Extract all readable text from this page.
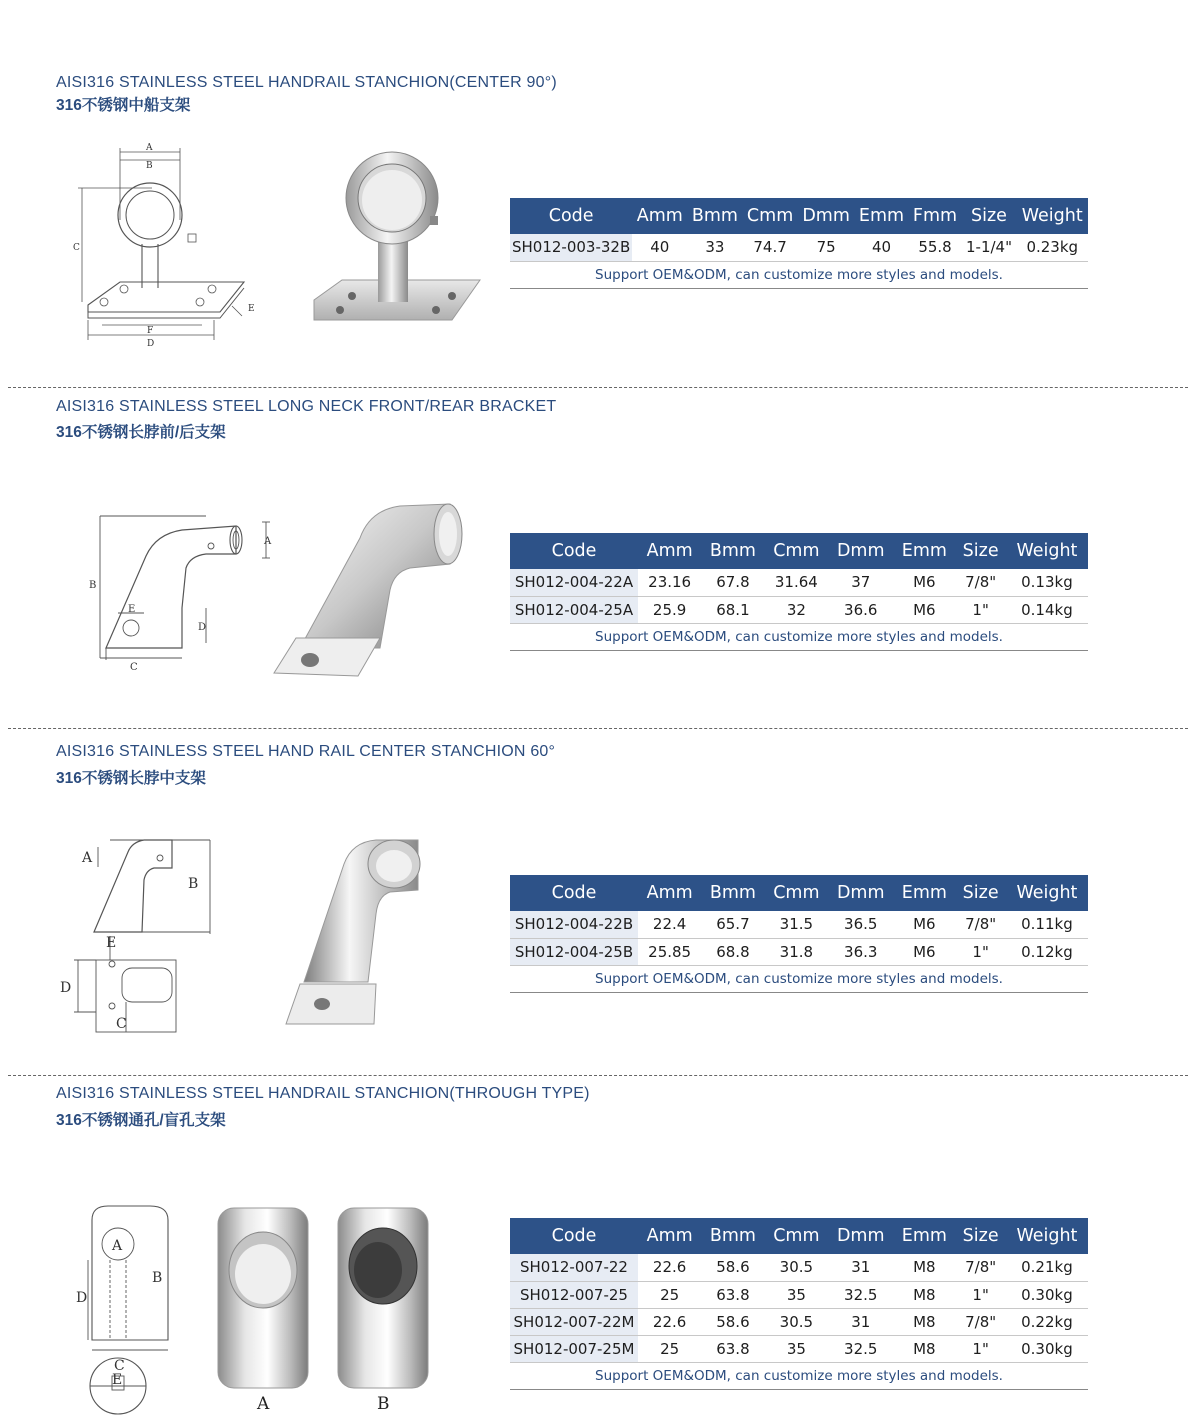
AISI316 STAINLESS STEEL HANDRAIL STANCHION(CENTER 90°)
316不锈钢中船支架
A
B
C
F
D
E
Code	Amm	Bmm	Cmm	Dmm	Emm	Fmm	Size	Weight
SH012-003-32B	40	33	74.7	75	40	55.8	1-1/4"	0.23kg
Support OEM&ODM, can customize more styles and models.								
AISI316 STAINLESS STEEL LONG NECK FRONT/REAR BRACKET
316不锈钢长脖前/后支架
B
A
E
D
C
Code	Amm	Bmm	Cmm	Dmm	Emm	Size	Weight
SH012-004-22A	23.16	67.8	31.64	37	M6	7/8"	0.13kg
SH012-004-25A	25.9	68.1	32	36.6	M6	1"	0.14kg
Support OEM&ODM, can customize more styles and models.							
AISI316 STAINLESS STEEL HAND RAIL CENTER STANCHION 60°
316不锈钢长脖中支架
A
B
E
D
C
Code	Amm	Bmm	Cmm	Dmm	Emm	Size	Weight
SH012-004-22B	22.4	65.7	31.5	36.5	M6	7/8"	0.11kg
SH012-004-25B	25.85	68.8	31.8	36.3	M6	1"	0.12kg
Support OEM&ODM, can customize more styles and models.							
AISI316 STAINLESS STEEL HANDRAIL STANCHION(THROUGH TYPE)
316不锈钢通孔/盲孔支架
A
B
D
C
E
A	B
Code	Amm	Bmm	Cmm	Dmm	Emm	Size	Weight
SH012-007-22	22.6	58.6	30.5	31	M8	7/8"	0.21kg
SH012-007-25	25	63.8	35	32.5	M8	1"	0.30kg
SH012-007-22M	22.6	58.6	30.5	31	M8	7/8"	0.22kg
SH012-007-25M	25	63.8	35	32.5	M8	1"	0.30kg
Support OEM&ODM, can customize more styles and models.							
